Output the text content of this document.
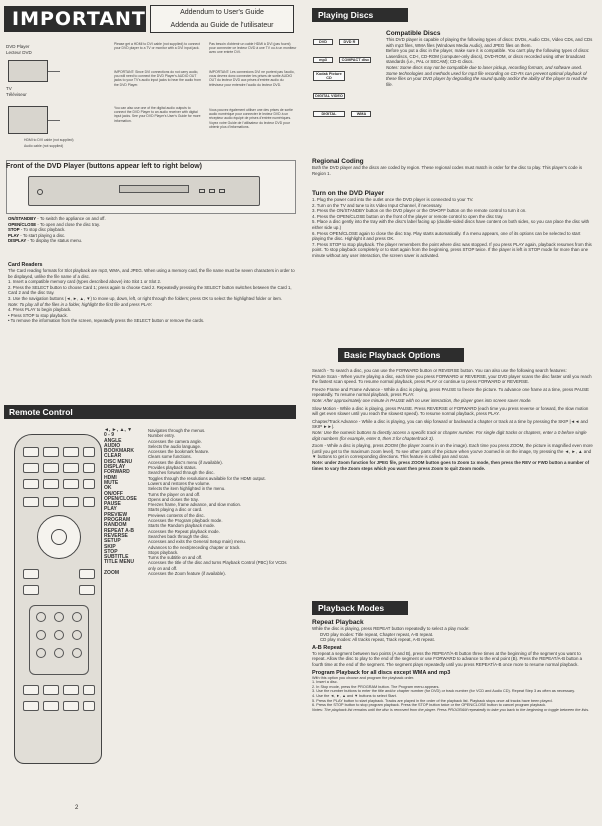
IMPORTANT	Addendum to User's Guide
Addenda au Guide de l'utilisateur
DVD Player
Lecteur DVD
TV
Téléviseur
HDMI to DVI cable (not supplied)
Audio cable (not supplied)
Please get a HDMI to DVI cable (not supplied) to connect your DVD player to a TV or monitor with a DVI input jack.
Pas besoin d'obtenir un cable HDMI à DVI (pas fourni) pour connecter ce lecteur DVD à une TV ou à un moniteur avec une entrée DVI.
IMPORTANT: Since DVI connections do not carry audio, you will need to connect the DVD Player's AUDIO OUT jacks to your TV's audio input jacks to hear the audio from the DVD Player.
IMPORTANT: Les connexions DVI ne portent pas l'audio, vous devrez donc connecter les prises de sortie AUDIO OUT du lecteur DVD aux prises d'entrée audio du téléviseur pour entendre l'audio du lecteur DVD.
You can also use one of the digital audio outputs to connect the DVD Player to an audio receiver with digital input jacks. See your DVD Player's User's Guide for more information.
Vous pouvez également utiliser une des prises de sortie audio numérique pour connecter le lecteur DVD à un récepteur audio équipé de prises d'entrée numériques. Voyez votre Guide de l'utilisateur du lecteur DVD pour obtenir plus d'informations.
Front of the DVD Player (buttons appear left to right below)
ON/STANDBY - To switch the appliance on and off.
OPEN/CLOSE - To open and close the disc tray.
STOP - To stop disc playback.
PLAY - To start playing a disc.
DISPLAY - To display the status menu.
Card Readers
The Card reading formats for Slot playback are mp3, WMA, and JPEG. When using a memory card, the file name must be seven characters in order to be displayed, unlike the file name of a disc.
1. Insert a compatible memory card (types described above) into Slot 1 or Slot 2.
2. Press the SELECT button to choose Card 1; press again to choose Card 2. Repeatedly pressing the SELECT button switches between the Card 1, Card 2 and the disc tray.
3. Use the navigation buttons (◄, ►, ▲, ▼) to move up, down, left, or right through the folders; press OK to select the highlighted folder or item.
Note: To play all of the files in a folder, highlight the first file and press PLAY.
4. Press PLAY to begin playback.
• Press STOP to stop playback.
• To remove the information from the screen, repeatedly press the SELECT button or remove the cards.
Remote Control
◄, ►, ▲, ▼	Navigates through the menus.
0 - 9	Number entry.
ANGLE	Accesses the camera angle.
AUDIO	Selects the audio language.
BOOKMARK	Accesses the bookmark feature.
CLEAR	Clears some functions.
DISC MENU	Accesses the disc's menu (if available).
DISPLAY	Provides playback status.
FORWARD	Searches forward through the disc.
HDMI	Toggles through the resolutions available for the HDMI output.
MUTE	Lowers and restores the volume.
OK	Selects the item highlighted in the menu.
ON/OFF	Turns the player on and off.
OPEN/CLOSE	Opens and closes the tray.
PAUSE	Freezes frame, frame advance, and slow motion.
PLAY	Starts playing a disc or card.
PREVIEW	Previews contents of the disc.
PROGRAM	Accesses the Program playback mode.
RANDOM	Starts the Random playback mode.
REPEAT A-B	Accesses the Repeat playback mode.
REVERSE	Searches back through the disc.
SETUP	Accesses and exits the General Setup main) menu.
SKIP	Advances to the next/preceding chapter or track.
STOP	Stops playback.
SUBTITLE	Turns the subtitle on and off.
TITLE MENU	Accesses the title of the disc and turns Playback Control (PBC) for VCDs only on and off.
ZOOM	Accesses the Zoom feature (if available).
2
Playing Discs
DVD	DVD R mp3	COMPACT disc Kodak Picture CD DIGITAL VIDEO DIGITAL	WMA
Compatible Discs
This DVD player is capable of playing the following types of discs: DVDs, Audio CDs, Video CDs, and CDs with mp3 files, WMA files (Windows Media Audio), and JPEG files on them.
Before you put a disc in the player, make sure it is compatible. You can't play the following types of discs: Laserdiscs, CD-I, CD-ROM (computer-only discs), DVD-ROM, or discs recorded using other broadcast standards (i.e., PAL or SECAM); CD-G discs.
Notes: Some discs may not be compatible due to laser pickup, recording formats, and software used. Some technologies and methods used for mp3 file recording on CD-Rs can prevent optimal playback of these files on your DVD player by degrading the sound quality and/or the ability of the player to read the file.
Regional Coding
Both the DVD player and the discs are coded by region. These regional codes must match in order for the disc to play. This player's code is Region 1.
Turn on the DVD Player
1. Plug the power cord into the outlet once the DVD player is connected to your TV.
2. Turn on the TV and tune to its Video Input Channel, if necessary.
3. Press the ON/STANDBY button on the DVD player or the ON•OFF button on the remote control to turn it on.
4. Press the OPEN/CLOSE button on the front of the player or remote control to open the disc tray.
5. Place a disc gently into the tray with the disc's label facing up (double-sided discs have content on both sides, so you can place the disc with either side up.)
6. Press OPEN/CLOSE again to close the disc tray. Play starts automatically. If a menu appears, one of its options can be selected to start playing the disc. Highlight it and press OK.
7. Press STOP to stop playback. The player remembers the point where disc was stopped. If you press PLAY again, playback resumes from this point. To stop playback completely or to start again from the beginning, press STOP twice. If the player is left in STOP mode for more than one minute without any user interaction, the screen saver is activated.
Basic Playback Options
Search - To search a disc, you can use the FORWARD button or REVERSE button. You can also use the following search features:
Picture Scan - When you're playing a disc, each time you press FORWARD or REVERSE, your DVD player scans the disc faster until you reach the fastest scan speed. To resume normal playback, press PLAY or continue to press FORWARD or REVERSE.
Freeze Frame and Frame Advance - While a disc is playing, press PAUSE to freeze the picture. To advance one frame at a time, press PAUSE repeatedly. To resume normal playback, press PLAY.
Note: After approximately one minute in PAUSE with no user interaction, the player goes into screen saver mode.
Slow Motion - While a disc is playing, press PAUSE. Press REVERSE or FORWARD (each time you press reverse or forward, the slow motion will get even slower until you reach the slowest speed). To resume normal playback, press PLAY.
Chapter/Track Advance - While a disc is playing, you can skip forward or backward a chapter or track at a time by pressing the SKIP |◄◄ and SKIP ►►|.
Note: Use the numeric buttons to directly access a specific track or chapter number. For single digit tracks or chapters, enter a 0 before single digit numbers (for example, enter 0, then 3 for chapter/track 3).
Zoom - While a disc is playing, press ZOOM (the player zooms in on the image). Each time you press ZOOM, the picture is magnified even more (until you get to the maximum zoom level). To see other parts of the picture when you've zoomed in on the image, try pressing the ◄, ►, ▲ and ▼ buttons to get in corresponding directions. This feature is called pan and scan.
Note: under Zoom function for JPEG file, press ZOOM button goes to Zoom 1x mode, then press the REV or FWD button a number of times to vary the Zoom steps which you want then press Zoom to quit Zoom mode.
Playback Modes
Repeat Playback
While the disc is playing, press REPEAT button repeatedly to select a play mode:
DVD play modes: Title repeat, Chapter repeat, A-B repeat.
CD play modes: All tracks repeat, Track repeat, A-B repeat.
A-B Repeat
To repeat a segment between two points (A and B), press the REPEAT/A-B button three times at the beginning of the segment you want to repeat. Allow the disc to play to the end of the segment or use FORWARD to advance to the end point (B). Press the REPEAT/A-B button a fourth time at the end of the segment. The segment plays repeatedly until you press REPEAT/A-B once more to resume normal playback.
Program Playback for all discs except WMA and mp3
With this option you choose and program the playback order.
1. Insert a disc.
2. In Stop mode, press the PROGRAM button. The Program menu appears.
3. Use the number buttons to enter the title and/or chapter number (for DVD) or track number (for VCD and Audio CD). Repeat Step 3 as often as necessary.
4. Use the ◄, ►, ▲ and ▼ buttons to select Start.
5. Press the PLAY button to start playback. Tracks are played in the order of the playback list. Playback stops once all tracks have been played.
6. Press the STOP button to stop program playback. Press the STOP button twice or the OPEN/CLOSE button to cancel program playback.
Notes: The playback list remains until the disc is removed from the player. Press PROGRAM repeatedly to take you back to the beginning or toggle between the lists.
